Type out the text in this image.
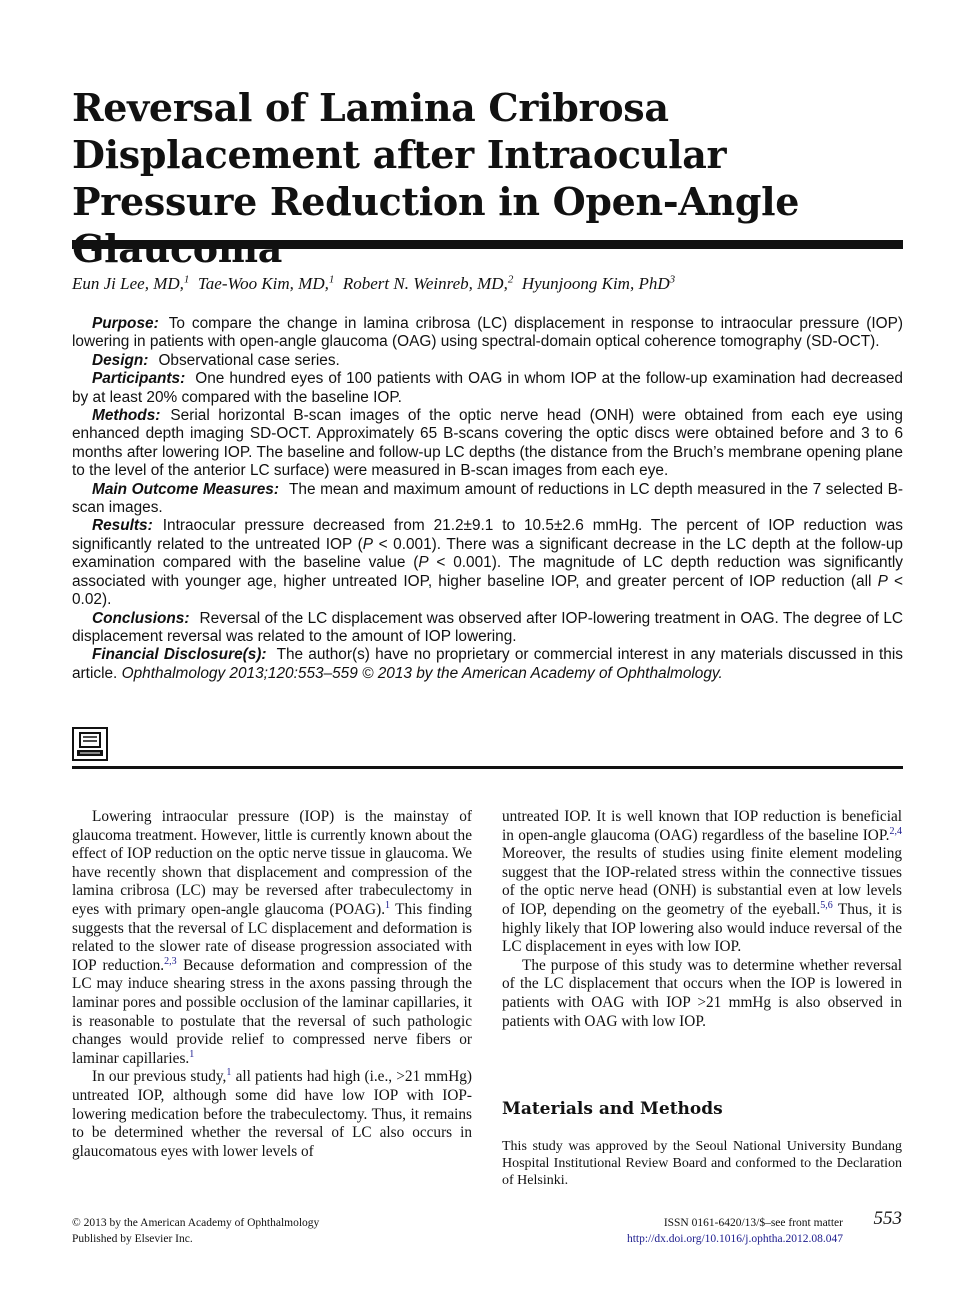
Reversal of Lamina Cribrosa Displacement after Intraocular Pressure Reduction in Open-Angle
Eun Ji Lee, MD,$^1$ Tae-Woo Kim, MD,$^1$ Robert N. Weinreb, MD,$^2$ Hyunjoong Kim, PhD$^3$

Purpose: To compare the change in lamina cribrosa (LC) displacement in response to intraocular pressure (IOP) lowering in patients with open-angle glaucoma (OAG) using spectral-domain optical coherence tomography (SD-OCT).

Design: Observational case series.

Participants: One hundred eyes of 100 patients with OAG in whom IOP at the follow-up examination had decreased by at least 20% compared with the baseline IOP.

Methods: Serial horizontal B-scan images of the optic nerve head (ONH) were obtained from each eye using enhanced depth imaging SD-OCT. Approximately 65 B-scans covering the optic discs were obtained before and 3 to 6 months after lowering IOP. The baseline and follow-up LC depths (the distance from the Bruch’s membrane opening plane to the level of the anterior LC surface) were measured in B-scan images from each eye.

Main Outcome Measures: The mean and maximum amount of reductions in LC depth measured in the 7 selected B-scan images.

Results: Intraocular pressure decreased from 21.2±9.1 to 10.5±2.6 mmHg. The percent of IOP reduction was significantly related to the untreated IOP (P < 0.001). There was a significant decrease in the LC depth at the follow-up examination compared with the baseline value (P < 0.001). The magnitude of LC depth reduction was significantly associated with younger age, higher untreated IOP, higher baseline IOP, and greater percent of IOP reduction (all P < 0.02).

Conclusions: Reversal of the LC displacement was observed after IOP-lowering treatment in OAG. The degree of LC displacement reversal was related to the amount of IOP lowering.

Financial Disclosure(s): The author(s) have no proprietary or commercial interest in any materials discussed in this article. Ophthalmology 2013;120:553–559 © 2013 by the American Academy of Ophthalmology.

Lowering intraocular pressure (IOP) is the mainstay of glaucoma treatment. However, little is currently known about the effect of IOP reduction on the optic nerve tissue in glaucoma. We have recently shown that displacement and compression of the lamina cribrosa (LC) may be reversed after trabeculectomy in eyes with primary open-angle glaucoma (POAG).$^1$ This finding suggests that the reversal of LC displacement and deformation is related to the slower rate of disease progression associated with IOP reduction.$^{2,3}$ Because deformation and compression of the LC may induce shearing stress in the axons passing through the laminar pores and possible occlusion of the laminar capillaries, it is reasonable to postulate that the reversal of such pathologic changes would provide relief to compressed nerve fibers or laminar capillaries.$^1$

In our previous study,$^1$ all patients had high (i.e., >21 mmHg) untreated IOP, although some did have low IOP with IOP-lowering medication before the trabeculectomy. Thus, it remains to be determined whether the reversal of LC also occurs in glaucomatous eyes with lower levels of

untreated IOP. It is well known that IOP reduction is beneficial in open-angle glaucoma (OAG) regardless of the baseline IOP.$^{2,4}$ Moreover, the results of studies using finite element modeling suggest that the IOP-related stress within the connective tissues of the optic nerve head (ONH) is substantial even at low levels of IOP, depending on the geometry of the eyeball.$^{5,6}$ Thus, it is highly likely that IOP lowering also would induce reversal of the LC displacement in eyes with low IOP.

The purpose of this study was to determine whether reversal of the LC displacement that occurs when the IOP is lowered in patients with OAG with IOP >21 mmHg is also observed in patients with OAG with low IOP.

Materials and Methods

This study was approved by the Seoul National University Bundang Hospital Institutional Review Board and conformed to the Declaration of Helsinki.

© 2013 by the American Academy of Ophthalmology
Published by Elsevier Inc.
ISSN 0161-6420/13/$–see front matter
http://dx.doi.org/10.1016/j.ophtha.2012.08.047
553
